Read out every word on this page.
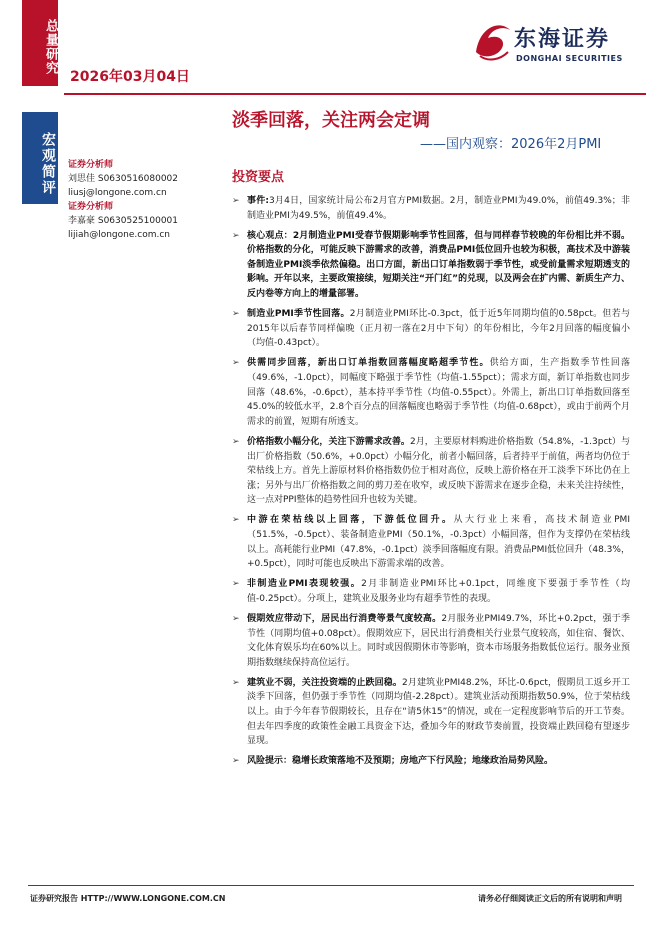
总量研究
宏观简评
东海证券
DONGHAI SECURITIES
2026年03月04日
淡季回落，关注两会定调
——国内观察：2026年2月PMI
证券分析师
刘思佳 S0630516080002
liusj@longone.com.cn
证券分析师
李嘉豪 S0630525100001
lijiah@longone.com.cn
投资要点
➢ 事件:3月4日，国家统计局公布2月官方PMI数据。2月，制造业PMI为49.0%，前值49.3%；非制造业PMI为49.5%，前值49.4%。
➢ 核心观点：2月制造业PMI受春节假期影响季节性回落，但与同样春节较晚的年份相比并不弱。价格指数的分化，可能反映下游需求的改善，消费品PMI低位回升也较为积极，高技术及中游装备制造业PMI淡季依然偏稳。出口方面，新出口订单指数弱于季节性，或受前量需求短期透支的影响。开年以来，主要政策接续，短期关注“开门红”的兑现，以及两会在扩内需、新质生产力、反内卷等方向上的增量部署。
➢ 制造业PMI季节性回落。2月制造业PMI环比-0.3pct，低于近5年同期均值的0.58pct。但若与2015年以后春节同样偏晚（正月初一落在2月中下旬）的年份相比，今年2月回落的幅度偏小（均值-0.43pct）。
➢ 供需同步回落，新出口订单指数回落幅度略超季节性。供给方面，生产指数季节性回落（49.6%，-1.0pct），同幅度下略强于季节性（均值-1.55pct）；需求方面，新订单指数也同步回落（48.6%，-0.6pct），基本持平季节性（均值-0.55pct）。外需上，新出口订单指数回落至45.0%的较低水平，2.8个百分点的回落幅度也略弱于季节性（均值-0.68pct），或由于前两个月需求的前置，短期有所透支。
➢ 价格指数小幅分化，关注下游需求改善。2月，主要原材料购进价格指数（54.8%，-1.3pct）与出厂价格指数（50.6%，+0.0pct）小幅分化，前者小幅回落，后者持平于前值，两者均仍位于荣枯线上方。首先上游原材料价格指数仍位于相对高位，反映上游价格在开工淡季下环比仍在上涨；另外与出厂价格指数之间的剪刀差在收窄，或反映下游需求在逐步企稳，未来关注持续性，这一点对PPI整体的趋势性回升也较为关键。
➢ 中游在荣枯线以上回落，下游低位回升。从大行业上来看，高技术制造业PMI（51.5%，-0.5pct）、装备制造业PMI（50.1%，-0.3pct）小幅回落，但作为支撑仍在荣枯线以上。高耗能行业PMI（47.8%，-0.1pct）淡季回落幅度有限。消费品PMI低位回升（48.3%，+0.5pct），同时可能也反映出下游需求端的改善。
➢ 非制造业PMI表现较强。2月非制造业PMI环比+0.1pct，同维度下要强于季节性（均值-0.25pct）。分项上，建筑业及服务业均有超季节性的表现。
➢ 假期效应带动下，居民出行消费等景气度较高。2月服务业PMI49.7%，环比+0.2pct，强于季节性（同期均值+0.08pct）。假期效应下，居民出行消费相关行业景气度较高，如住宿、餐饮、文化体育娱乐均在60%以上。同时或因假期休市等影响，资本市场服务指数低位运行。服务业预期指数继续保持高位运行。
➢ 建筑业不弱，关注投资端的止跌回稳。2月建筑业PMI48.2%，环比-0.6pct，假期员工返乡开工淡季下回落，但仍强于季节性（同期均值-2.28pct）。建筑业活动预期指数50.9%，位于荣枯线以上。由于今年春节假期较长，且存在“请5休15”的情况，或在一定程度影响节后的开工节奏。但去年四季度的政策性金融工具资金下达，叠加今年的财政节奏前置，投资端止跌回稳有望逐步显现。
➢ 风险提示：稳增长政策落地不及预期；房地产下行风险；地缘政治局势风险。
证券研究报告 HTTP://WWW.LONGONE.COM.CN	请务必仔细阅读正文后的所有说明和声明
